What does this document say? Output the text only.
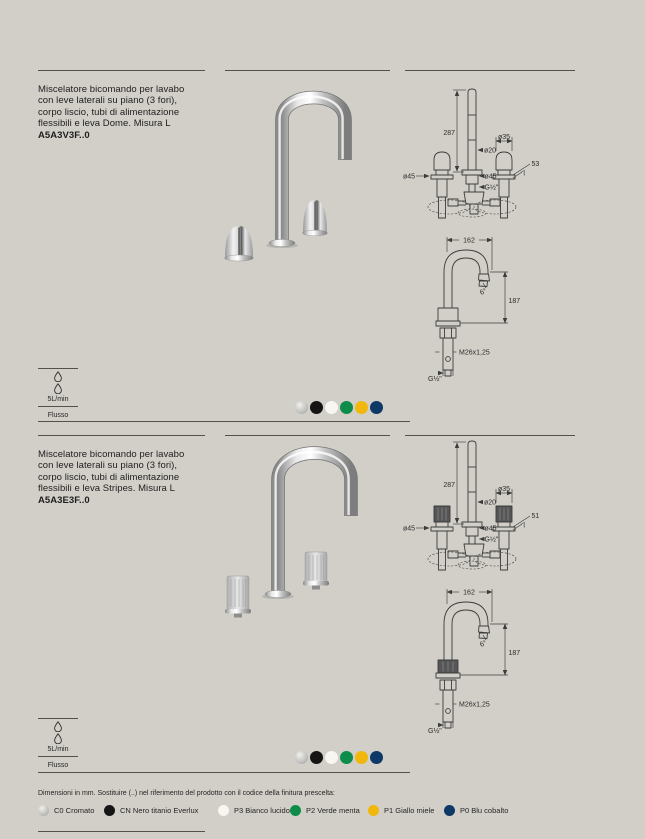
Miscelatore bicomando per lavabo
con leve laterali su piano (3 fori),
corpo liscio, tubi di alimentazione
flessibili e leva Dome. Misura L
A5A3V3F..0	287
ø20
ø35
53
7
ø45	ø45
G½"
162
6°
187
M26x1,25
G½"
5L/min
Flusso
Miscelatore bicomando per lavabo
con leve laterali su piano (3 fori),
corpo liscio, tubi di alimentazione
flessibili e leva Stripes. Misura L
A5A3E3F..0
287
ø20
ø35
51
7
ø45	ø45
G½"
162
6°
187
M26x1,25
G½"
5L/min
Flusso
Dimensioni in mm. Sostituire (..) nel riferimento del prodotto con il codice della finitura prescelta:
C0 Cromato	CN Nero titanio Everlux	P3 Bianco lucido P2 Verde menta	P1 Giallo miele	P0 Blu cobalto
